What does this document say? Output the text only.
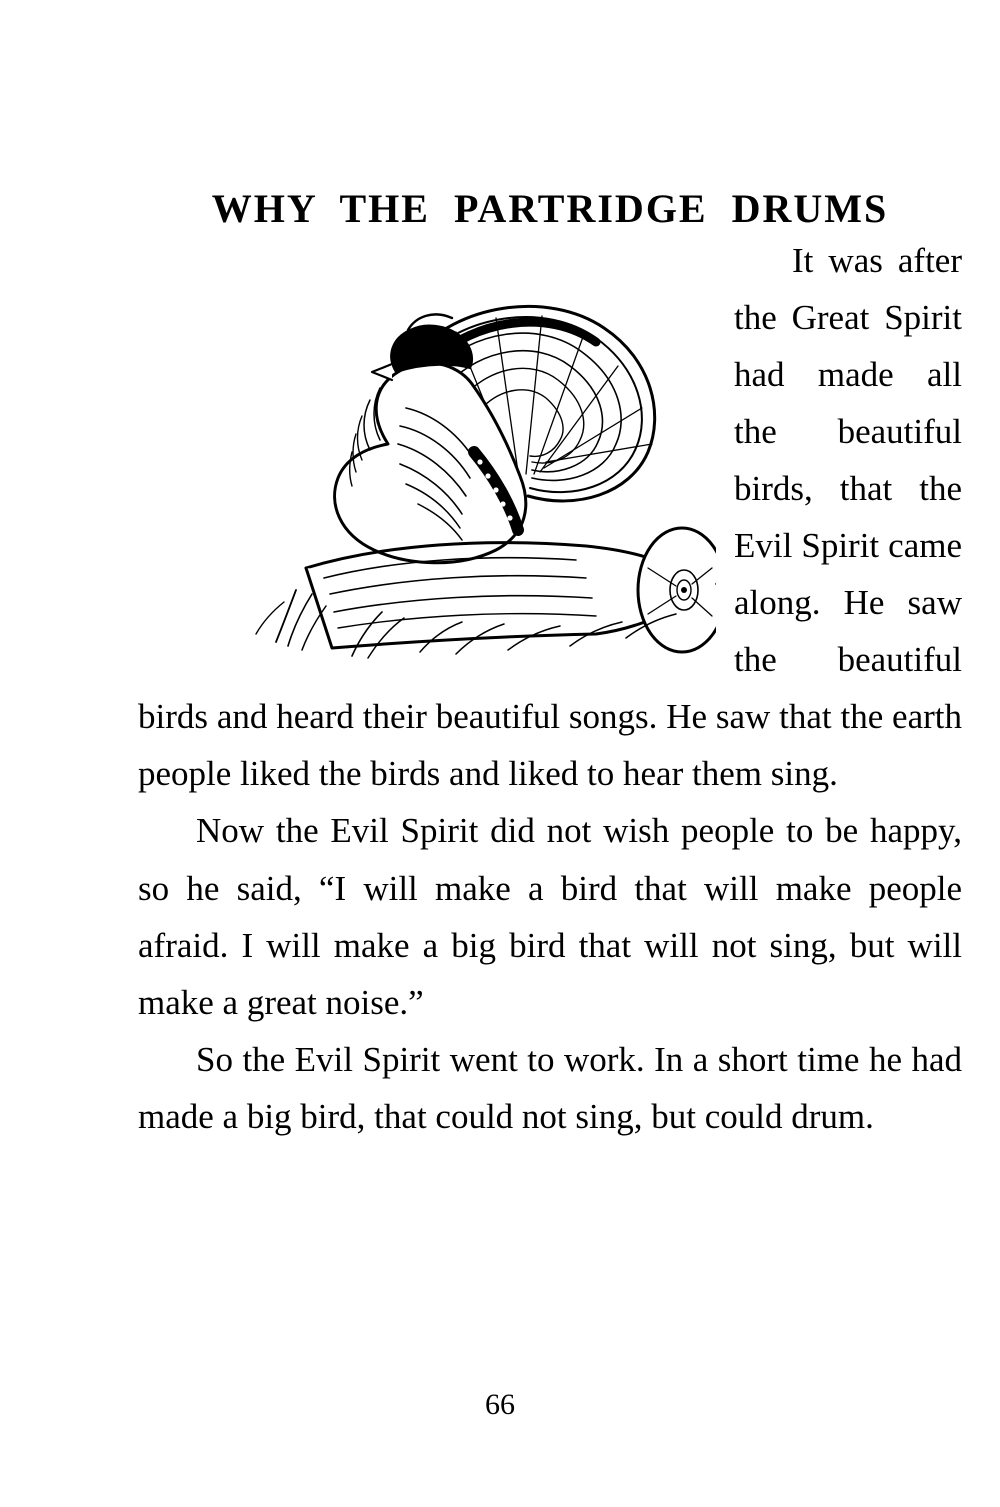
WHY THE PARTRIDGE DRUMS

It was after the Great Spirit had made all the beautiful birds, that the Evil Spirit came along. He saw the beautiful birds and heard their beautiful songs. He saw that the earth people liked the birds and liked to hear them sing.

Now the Evil Spirit did not wish people to be happy, so he said, “I will make a bird that will make people afraid. I will make a big bird that will not sing, but will make a great noise.”

So the Evil Spirit went to work. In a short time he had made a big bird, that could not sing, but could drum.

66
